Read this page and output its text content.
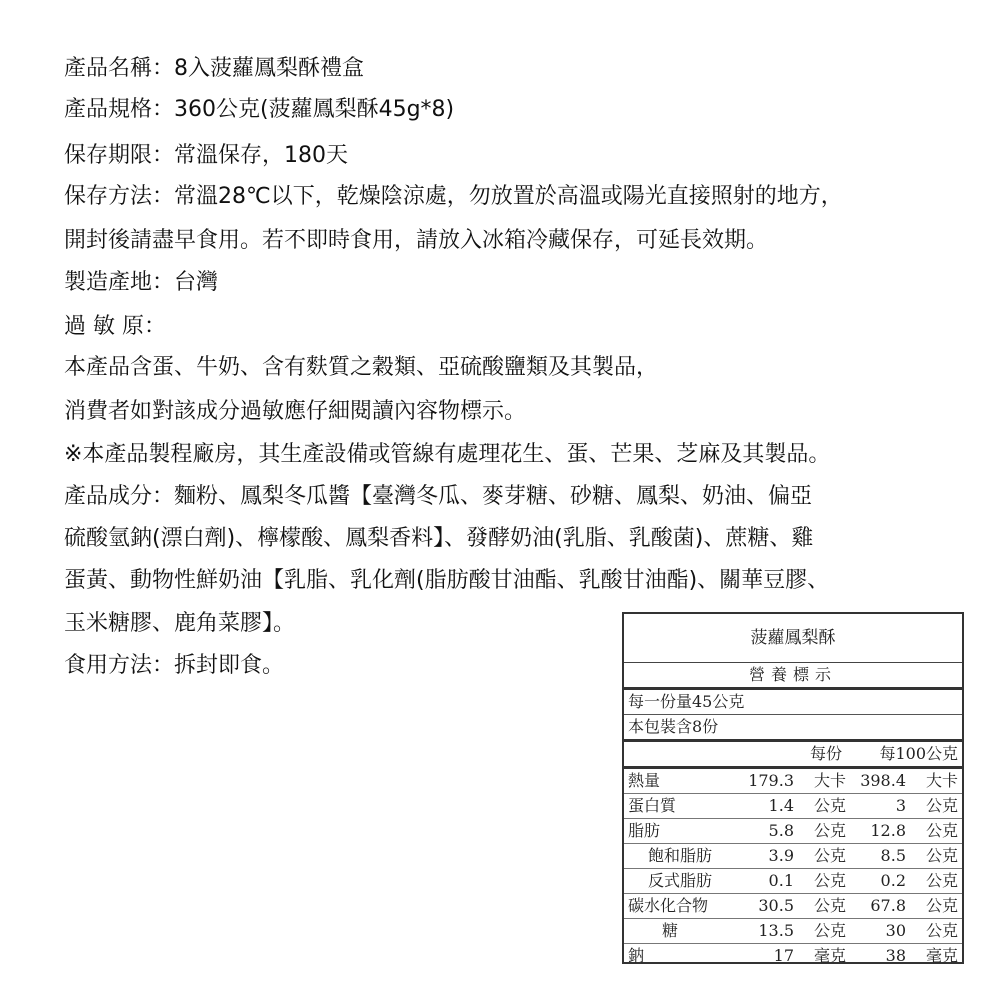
產品名稱：8入菠蘿鳳梨酥禮盒
產品規格：360公克(菠蘿鳳梨酥45g*8)
保存期限：常溫保存，180天
保存方法：常溫28℃以下，乾燥陰涼處，勿放置於高溫或陽光直接照射的地方，
開封後請盡早食用。若不即時食用，請放入冰箱冷藏保存，可延長效期。
製造產地：台灣
過 敏 原：
本產品含蛋、牛奶、含有麩質之穀類、亞硫酸鹽類及其製品，
消費者如對該成分過敏應仔細閱讀內容物標示。
※本產品製程廠房，其生產設備或管線有處理花生、蛋、芒果、芝麻及其製品。
產品成分：麵粉、鳳梨冬瓜醬【臺灣冬瓜、麥芽糖、砂糖、鳳梨、奶油、偏亞
硫酸氫鈉(漂白劑)、檸檬酸、鳳梨香料】、發酵奶油(乳脂、乳酸菌)、蔗糖、雞
蛋黃、動物性鮮奶油【乳脂、乳化劑(脂肪酸甘油酯、乳酸甘油酯)、關華豆膠、
玉米糖膠、鹿角菜膠】。
食用方法：拆封即食。
菠蘿鳳梨酥
營養標示
每一份量45公克
本包裝含8份
每份	每100公克
熱量	179.3	大卡 398.4	大卡
蛋白質	1.4	公克	3	公克
脂肪	5.8	公克	12.8	公克
飽和脂肪	3.9	公克	8.5	公克
反式脂肪	0.1	公克	0.2	公克
碳水化合物	30.5	公克	67.8	公克
糖	13.5	公克	30	公克
鈉	17	毫克	38	毫克
